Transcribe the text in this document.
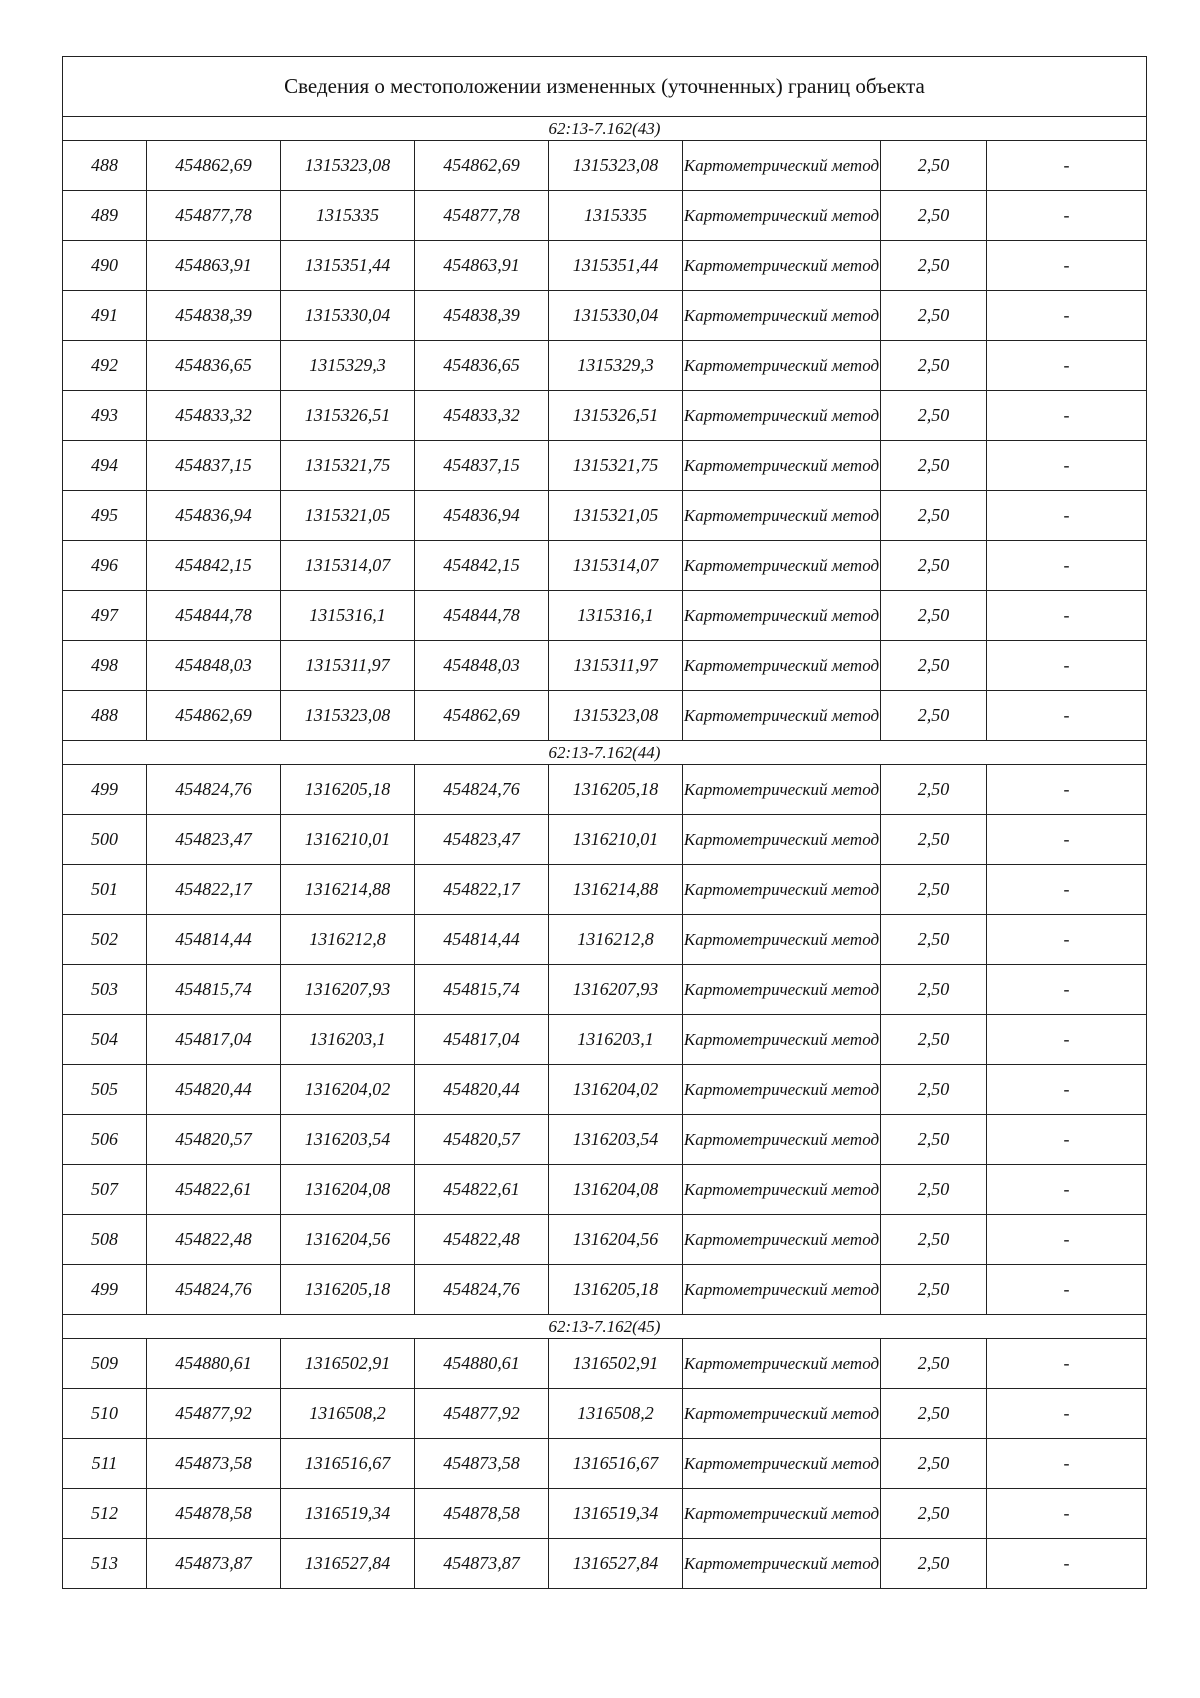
Сведения о местоположении измененных (уточненных) границ объекта							
62:13-7.162(43)							
488	454862,69	1315323,08	454862,69	1315323,08	Картометрический метод	2,50	-
489	454877,78	1315335	454877,78	1315335	Картометрический метод	2,50	-
490	454863,91	1315351,44	454863,91	1315351,44	Картометрический метод	2,50	-
491	454838,39	1315330,04	454838,39	1315330,04	Картометрический метод	2,50	-
492	454836,65	1315329,3	454836,65	1315329,3	Картометрический метод	2,50	-
493	454833,32	1315326,51	454833,32	1315326,51	Картометрический метод	2,50	-
494	454837,15	1315321,75	454837,15	1315321,75	Картометрический метод	2,50	-
495	454836,94	1315321,05	454836,94	1315321,05	Картометрический метод	2,50	-
496	454842,15	1315314,07	454842,15	1315314,07	Картометрический метод	2,50	-
497	454844,78	1315316,1	454844,78	1315316,1	Картометрический метод	2,50	-
498	454848,03	1315311,97	454848,03	1315311,97	Картометрический метод	2,50	-
488	454862,69	1315323,08	454862,69	1315323,08	Картометрический метод	2,50	-
62:13-7.162(44)							
499	454824,76	1316205,18	454824,76	1316205,18	Картометрический метод	2,50	-
500	454823,47	1316210,01	454823,47	1316210,01	Картометрический метод	2,50	-
501	454822,17	1316214,88	454822,17	1316214,88	Картометрический метод	2,50	-
502	454814,44	1316212,8	454814,44	1316212,8	Картометрический метод	2,50	-
503	454815,74	1316207,93	454815,74	1316207,93	Картометрический метод	2,50	-
504	454817,04	1316203,1	454817,04	1316203,1	Картометрический метод	2,50	-
505	454820,44	1316204,02	454820,44	1316204,02	Картометрический метод	2,50	-
506	454820,57	1316203,54	454820,57	1316203,54	Картометрический метод	2,50	-
507	454822,61	1316204,08	454822,61	1316204,08	Картометрический метод	2,50	-
508	454822,48	1316204,56	454822,48	1316204,56	Картометрический метод	2,50	-
499	454824,76	1316205,18	454824,76	1316205,18	Картометрический метод	2,50	-
62:13-7.162(45)							
509	454880,61	1316502,91	454880,61	1316502,91	Картометрический метод	2,50	-
510	454877,92	1316508,2	454877,92	1316508,2	Картометрический метод	2,50	-
511	454873,58	1316516,67	454873,58	1316516,67	Картометрический метод	2,50	-
512	454878,58	1316519,34	454878,58	1316519,34	Картометрический метод	2,50	-
513	454873,87	1316527,84	454873,87	1316527,84	Картометрический метод	2,50	-
